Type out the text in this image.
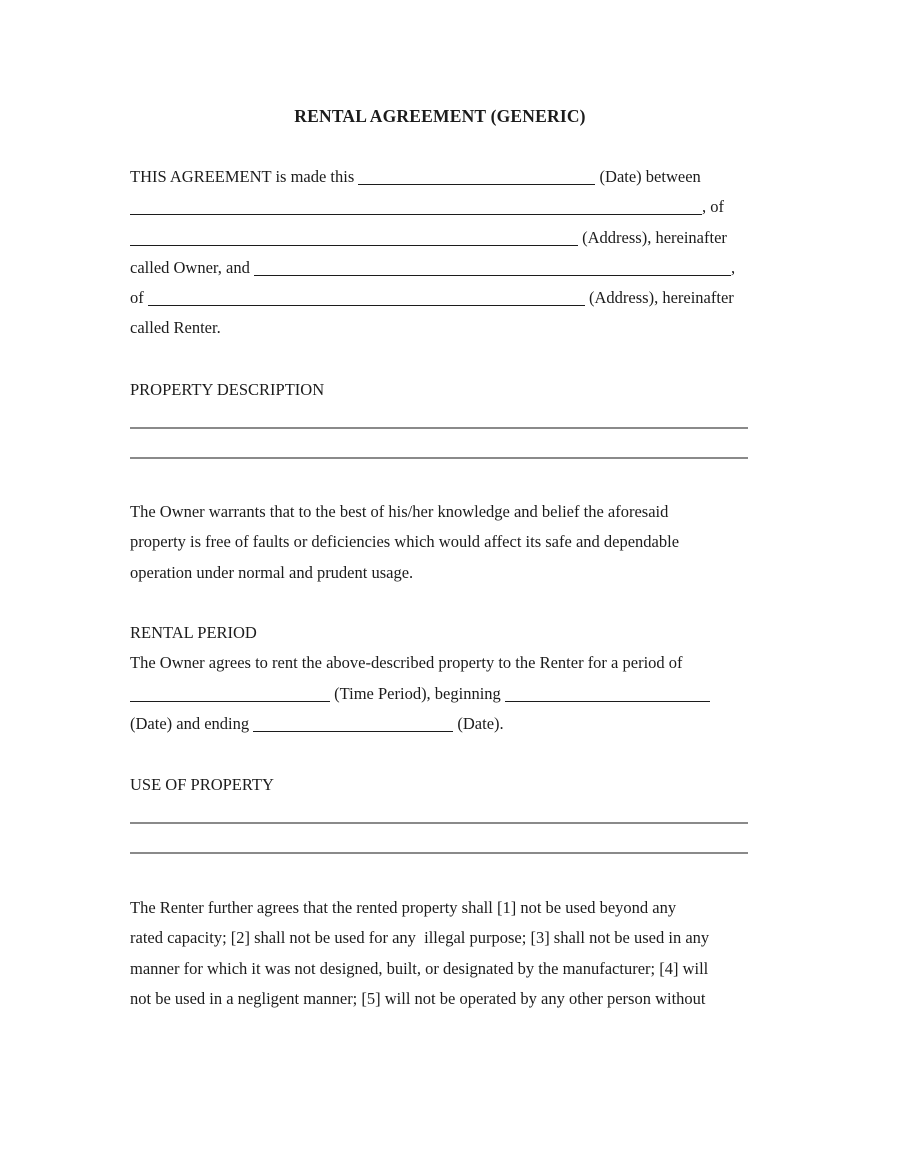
RENTAL AGREEMENT (GENERIC)
THIS AGREEMENT is made this	(Date) between
, of
(Address), hereinafter
called Owner, and	,
of	(Address), hereinafter
called Renter.
PROPERTY DESCRIPTION
The Owner warrants that to the best of his/her knowledge and belief the aforesaid
property is free of faults or deficiencies which would affect its safe and dependable
operation under normal and prudent usage.
RENTAL PERIOD
The Owner agrees to rent the above-described property to the Renter for a period of
(Time Period), beginning
(Date) and ending	(Date).
USE OF PROPERTY
The Renter further agrees that the rented property shall [1] not be used beyond any
rated capacity; [2] shall not be used for any  illegal purpose; [3] shall not be used in any
manner for which it was not designed, built, or designated by the manufacturer; [4] will
not be used in a negligent manner; [5] will not be operated by any other person without
